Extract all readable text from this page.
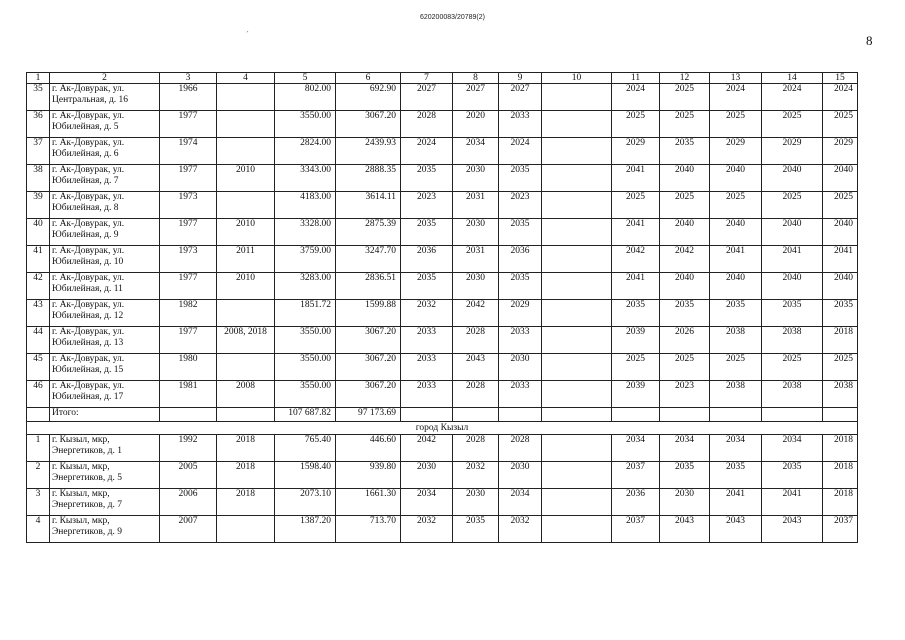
620200083/20789(2)
´	8
1	2	3	4	5	6	7	8	9	10	11	12	13	14	15
35	г. Ак-Довурак, ул. Центральная, д. 16	1966		802.00	692.90	2027	2027	2027		2024	2025	2024	2024	2024
36	г. Ак-Довурак, ул. Юбилейная, д. 5	1977		3550.00	3067.20	2028	2020	2033		2025	2025	2025	2025	2025
37	г. Ак-Довурак, ул. Юбилейная, д. 6	1974		2824.00	2439.93	2024	2034	2024		2029	2035	2029	2029	2029
38	г. Ак-Довурак, ул. Юбилейная, д. 7	1977	2010	3343.00	2888.35	2035	2030	2035		2041	2040	2040	2040	2040
39	г. Ак-Довурак, ул. Юбилейная, д. 8	1973		4183.00	3614.11	2023	2031	2023		2025	2025	2025	2025	2025
40	г. Ак-Довурак, ул. Юбилейная, д. 9	1977	2010	3328.00	2875.39	2035	2030	2035		2041	2040	2040	2040	2040
41	г. Ак-Довурак, ул. Юбилейная, д. 10	1973	2011	3759.00	3247.70	2036	2031	2036		2042	2042	2041	2041	2041
42	г. Ак-Довурак, ул. Юбилейная, д. 11	1977	2010	3283.00	2836.51	2035	2030	2035		2041	2040	2040	2040	2040
43	г. Ак-Довурак, ул. Юбилейная, д. 12	1982		1851.72	1599.88	2032	2042	2029		2035	2035	2035	2035	2035
44	г. Ак-Довурак, ул. Юбилейная, д. 13	1977	2008, 2018	3550.00	3067.20	2033	2028	2033		2039	2026	2038	2038	2018
45	г. Ак-Довурак, ул. Юбилейная, д. 15	1980		3550.00	3067.20	2033	2043	2030		2025	2025	2025	2025	2025
46	г. Ак-Довурак, ул. Юбилейная, д. 17	1981	2008	3550.00	3067.20	2033	2028	2033		2039	2023	2038	2038	2038
	Итого:			107 687.82	97 173.69									
город Кызыл														
1	г. Кызыл, мкр, Энергетиков, д. 1	1992	2018	765.40	446.60	2042	2028	2028		2034	2034	2034	2034	2018
2	г. Кызыл, мкр, Энергетиков, д. 5	2005	2018	1598.40	939.80	2030	2032	2030		2037	2035	2035	2035	2018
3	г. Кызыл, мкр, Энергетиков, д. 7	2006	2018	2073.10	1661.30	2034	2030	2034		2036	2030	2041	2041	2018
4	г. Кызыл, мкр, Энергетиков, д. 9	2007		1387.20	713.70	2032	2035	2032		2037	2043	2043	2043	2037
